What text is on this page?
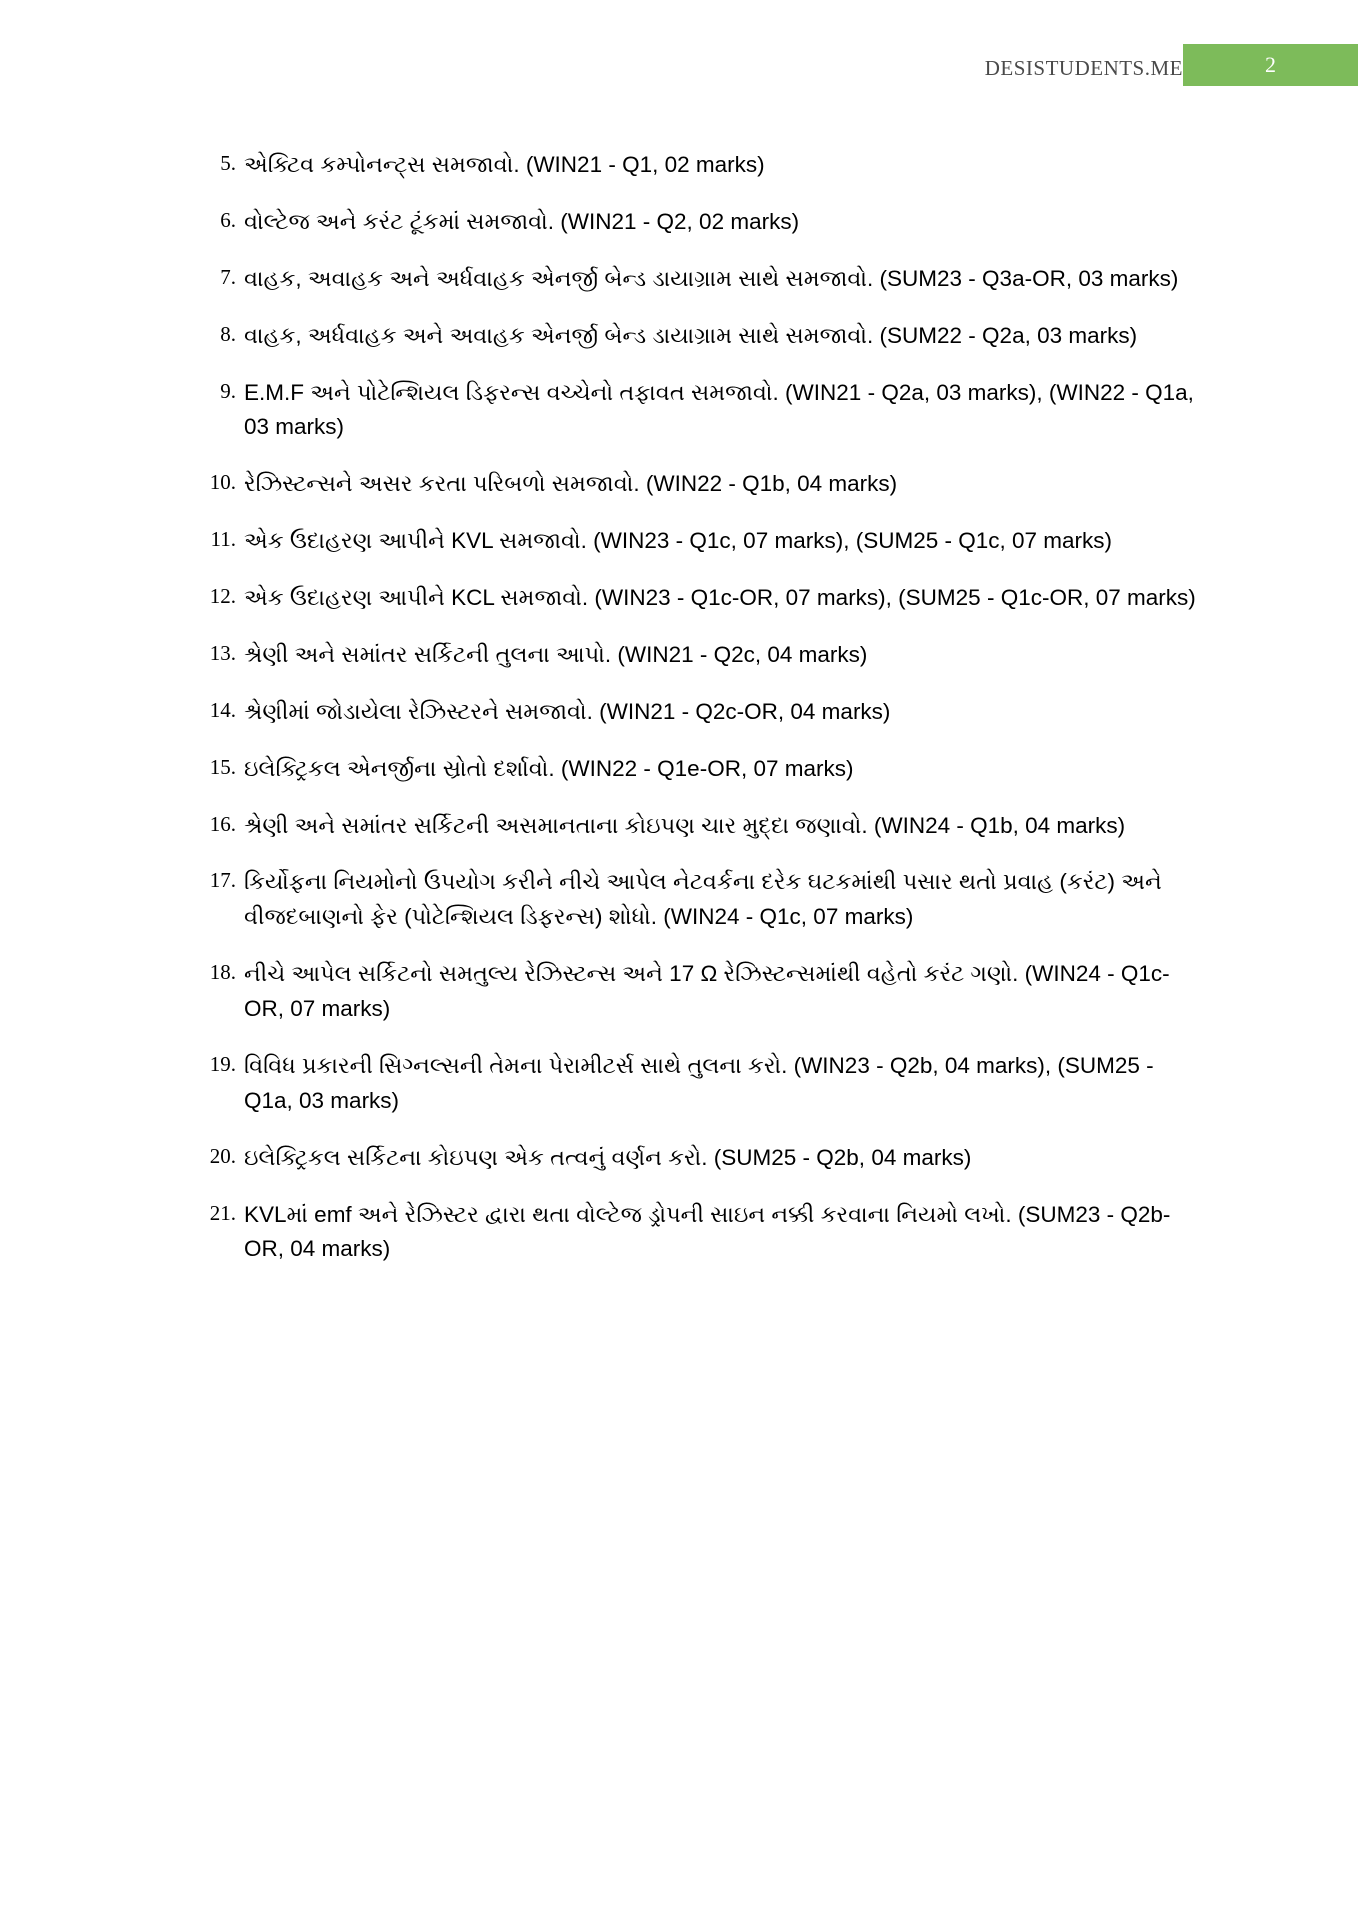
DESISTUDENTS.ME	2
5. એક્ટિવ કમ્પોનન્ટ્સ સમજાવો. (WIN21 - Q1, 02 marks)
6. વોલ્ટેજ અને કરંટ ટૂંકમાં સમજાવો. (WIN21 - Q2, 02 marks)
7. વાહક, અવાહક અને અર્ધવાહક એનર્જી બેન્ડ ડાયાગ્રામ સાથે સમજાવો. (SUM23 - Q3a-OR, 03 marks)
8. વાહક, અર્ધવાહક અને અવાહક એનર્જી બેન્ડ ડાયાગ્રામ સાથે સમજાવો. (SUM22 - Q2a, 03 marks)
9. E.M.F અને પોટેન્શિયલ ડિફરન્સ વચ્ચેનો તફાવત સમજાવો. (WIN21 - Q2a, 03 marks), (WIN22 - Q1a, 03 marks)
10. રેઝિસ્ટન્સને અસર કરતા પરિબળો સમજાવો. (WIN22 - Q1b, 04 marks)
11. એક ઉદાહરણ આપીને KVL સમજાવો. (WIN23 - Q1c, 07 marks), (SUM25 - Q1c, 07 marks)
12. એક ઉદાહરણ આપીને KCL સમજાવો. (WIN23 - Q1c-OR, 07 marks), (SUM25 - Q1c-OR, 07 marks)
13. શ્રેણી અને સમાંતર સર્કિટની તુલના આપો. (WIN21 - Q2c, 04 marks)
14. શ્રેણીમાં જોડાયેલા રેઝિસ્ટરને સમજાવો. (WIN21 - Q2c-OR, 04 marks)
15. ઇલેક્ટ્રિકલ એનર્જીના સ્રોતો દર્શાવો. (WIN22 - Q1e-OR, 07 marks)
16. શ્રેણી અને સમાંતર સર્કિટની અસમાનતાના કોઇપણ ચાર મુદ્દા જણાવો. (WIN24 - Q1b, 04 marks)
17. કિર્યોફના નિયમોનો ઉપયોગ કરીને નીચે આપેલ નેટવર્કના દરેક ઘટકમાંથી પસાર થતો પ્રવાહ (કરંટ) અને વીજદબાણનો ફેર (પોટેન્શિયલ ડિફરન્સ) શોધો. (WIN24 - Q1c, 07 marks)
18. નીચે આપેલ સર્કિટનો સમતુલ્ય રેઝિસ્ટન્સ અને 17 Ω રેઝિસ્ટન્સમાંથી વહેતો કરંટ ગણો. (WIN24 - Q1c-OR, 07 marks)
19. વિવિધ પ્રકારની સિગ્નલ્સની તેમના પેરામીટર્સ સાથે તુલના કરો. (WIN23 - Q2b, 04 marks), (SUM25 - Q1a, 03 marks)
20. ઇલેક્ટ્રિકલ સર્કિટના કોઇપણ એક તત્વનું વર્ણન કરો. (SUM25 - Q2b, 04 marks)
21. KVLમાં emf અને રેઝિસ્ટર દ્વારા થતા વોલ્ટેજ ડ્રોપની સાઇન નક્કી કરવાના નિયમો લખો. (SUM23 - Q2b-OR, 04 marks)
